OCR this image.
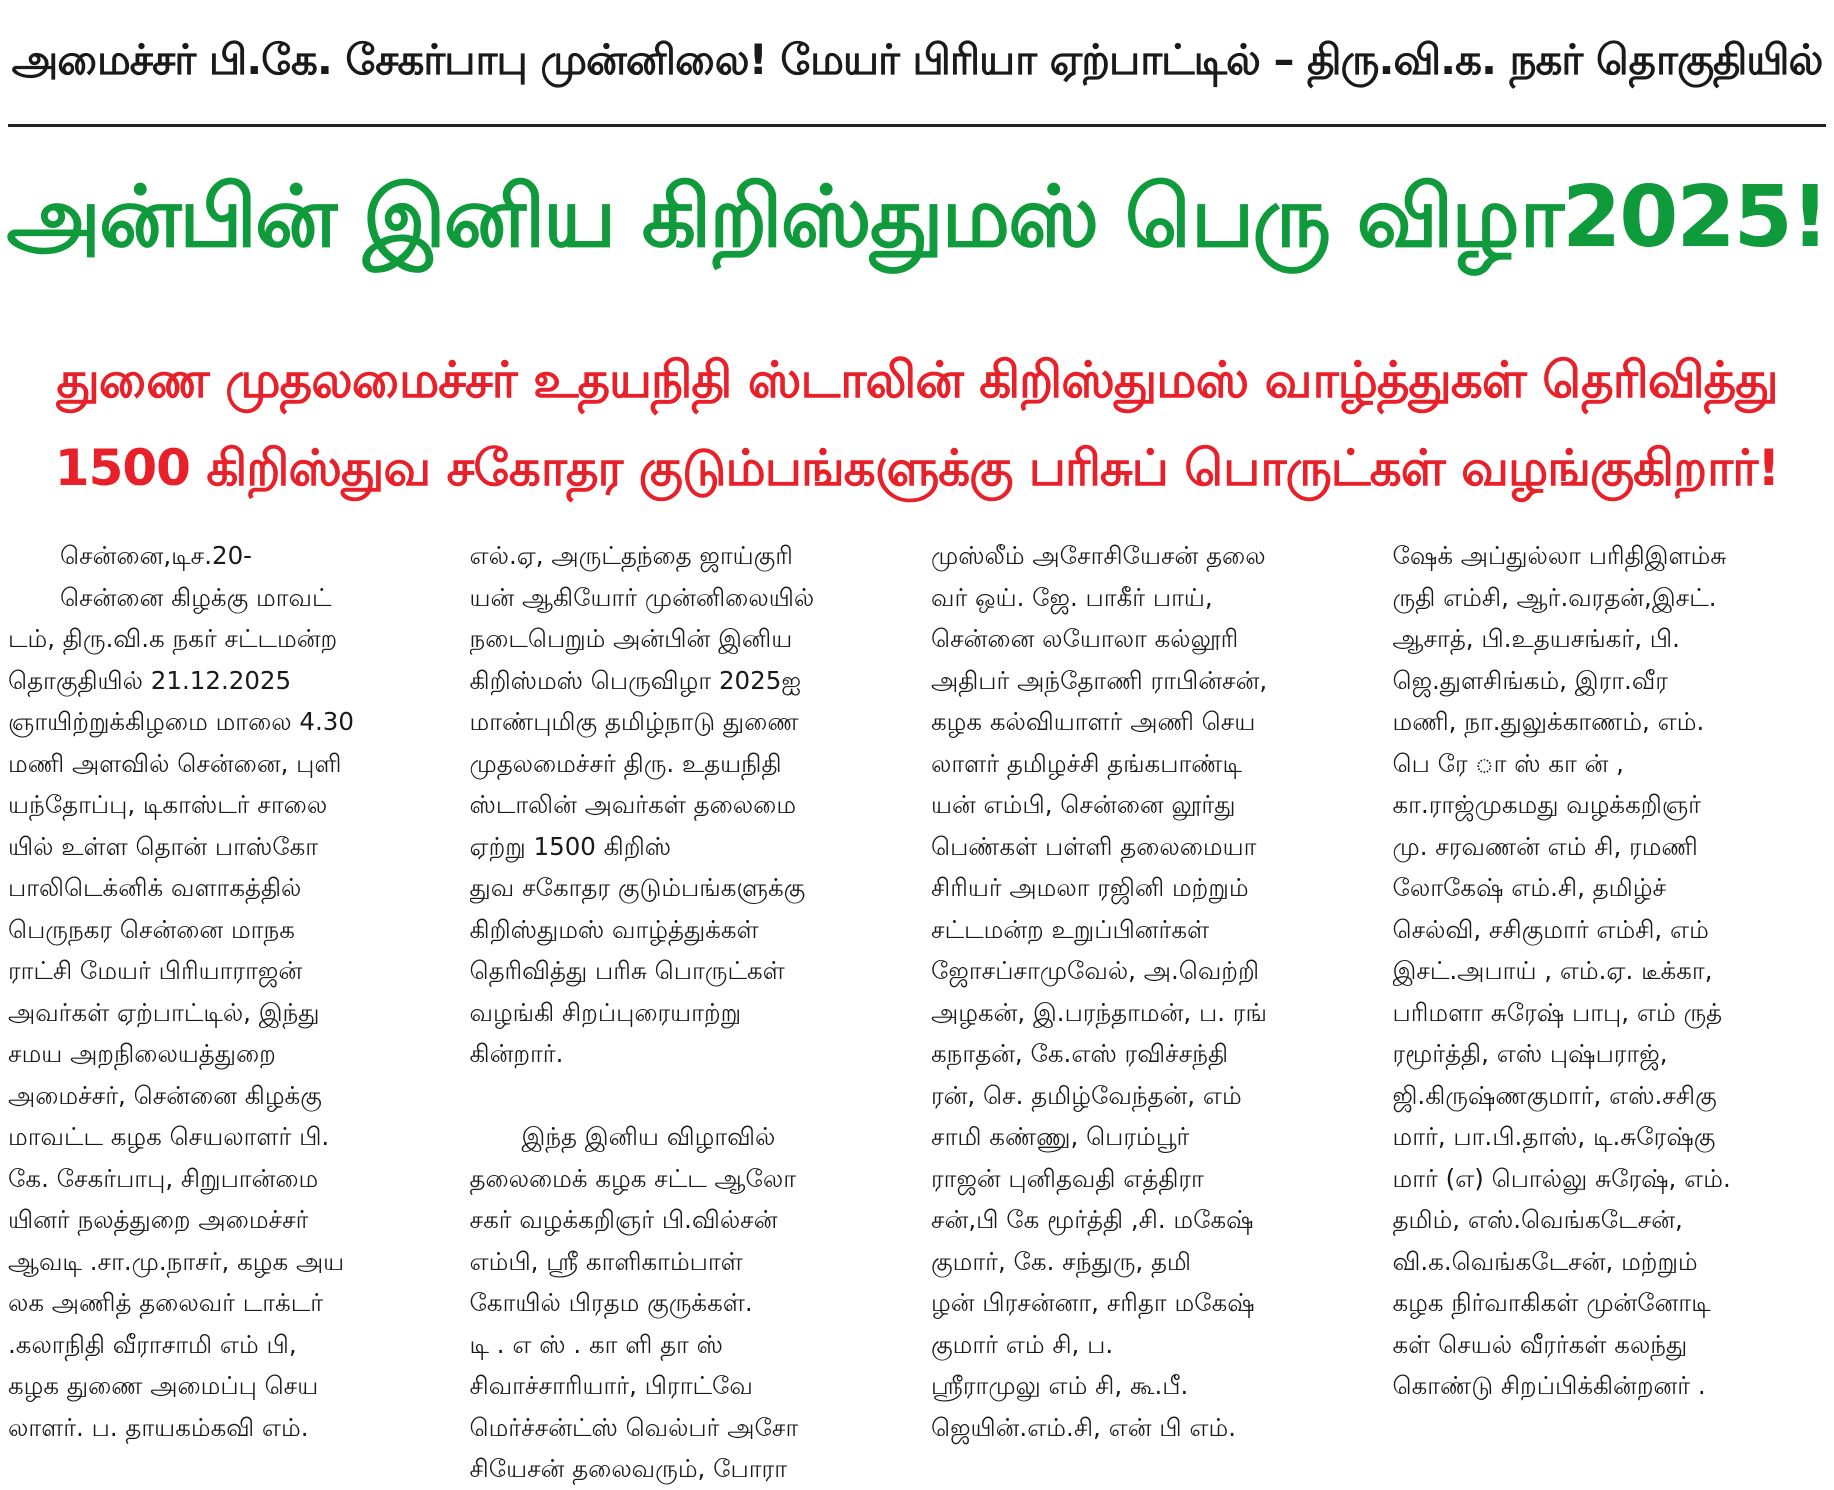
அமைச்சர் பி.கே. சேகர்பாபு முன்னிலை! மேயர் பிரியா ஏற்பாட்டில் – திரு.வி.க. நகர் தொகுதியில்
அன்பின் இனிய கிறிஸ்துமஸ் பெரு விழா2025!
துணை முதலமைச்சர் உதயநிதி ஸ்டாலின் கிறிஸ்துமஸ் வாழ்த்துகள் தெரிவித்து
1500 கிறிஸ்துவ சகோதர குடும்பங்களுக்கு பரிசுப் பொருட்கள் வழங்குகிறார்!
சென்னை,டிச.20-
சென்னை கிழக்கு மாவட்
டம், திரு.வி.க நகர் சட்டமன்ற
தொகுதியில் 21.12.2025
ஞாயிற்றுக்கிழமை மாலை 4.30
மணி அளவில் சென்னை, புளி
யந்தோப்பு, டிகாஸ்டர் சாலை
யில் உள்ள தொன் பாஸ்கோ
பாலிடெக்னிக் வளாகத்தில்
பெருநகர சென்னை மாநக
ராட்சி மேயர் பிரியாராஜன்
அவர்கள் ஏற்பாட்டில், இந்து
சமய அறநிலையத்துறை
அமைச்சர், சென்னை கிழக்கு
மாவட்ட கழக செயலாளர் பி.
கே. சேகர்பாபு, சிறுபான்மை
யினர் நலத்துறை அமைச்சர்
ஆவடி .சா.மு.நாசர், கழக அய
லக அணித் தலைவர் டாக்டர்
.கலாநிதி வீராசாமி எம் பி,
கழக துணை அமைப்பு செய
லாளர். ப. தாயகம்கவி எம்.
எல்.ஏ, அருட்தந்தை ஜாய்குரி
யன் ஆகியோர் முன்னிலையில்
நடைபெறும் அன்பின் இனிய
கிறிஸ்மஸ் பெருவிழா 2025ஐ
மாண்புமிகு தமிழ்நாடு துணை
முதலமைச்சர் திரு. உதயநிதி
ஸ்டாலின் அவர்கள் தலைமை
ஏற்று 1500 கிறிஸ்
துவ சகோதர குடும்பங்களுக்கு
கிறிஸ்துமஸ் வாழ்த்துக்கள்
தெரிவித்து பரிசு பொருட்கள்
வழங்கி சிறப்புரையாற்று
கின்றார்.
இந்த இனிய விழாவில்
தலைமைக் கழக சட்ட ஆலோ
சகர் வழக்கறிஞர் பி.வில்சன்
எம்பி, ஸ்ரீ காளிகாம்பாள்
கோயில் பிரதம குருக்கள்.
டி . எ ஸ் . கா ளி தா ஸ்
சிவாச்சாரியார், பிராட்வே
மெர்ச்சன்ட்ஸ் வெல்பர் அசோ
சியேசன் தலைவரும், போரா
முஸ்லீம் அசோசியேசன் தலை
வர் ஒய். ஜே. பாகீர் பாய்,
சென்னை லயோலா கல்லூரி
அதிபர் அந்தோணி ராபின்சன்,
கழக கல்வியாளர் அணி செய
லாளர் தமிழச்சி தங்கபாண்டி
யன் எம்பி, சென்னை லூர்து
பெண்கள் பள்ளி தலைமையா
சிரியர் அமலா ரஜினி மற்றும்
சட்டமன்ற உறுப்பினர்கள்
ஜோசப்சாமுவேல், அ.வெற்றி
அழகன், இ.பரந்தாமன், ப. ரங்
கநாதன், கே.எஸ் ரவிச்சந்தி
ரன், செ. தமிழ்வேந்தன், எம்
சாமி கண்ணு, பெரம்பூர்
ராஜன் புனிதவதி எத்திரா
சன்,பி கே மூர்த்தி ,சி. மகேஷ்
குமார், கே. சந்துரு, தமி
ழன் பிரசன்னா, சரிதா மகேஷ்
குமார் எம் சி, ப.
ஸ்ரீராமுலு எம் சி, கூ.பீ.
ஜெயின்.எம்.சி, என் பி எம்.
ஷேக் அப்துல்லா பரிதிஇளம்சு
ருதி எம்சி, ஆர்.வரதன்,இசட்.
ஆசாத், பி.உதயசங்கர், பி.
ஜெ.துளசிங்கம், இரா.வீர
மணி, நா.துலுக்காணம், எம்.
பெ ரே ா ஸ் கா ன் ,
கா.ராஜ்முகமது வழக்கறிஞர்
மு. சரவணன் எம் சி, ரமணி
லோகேஷ் எம்.சி, தமிழ்ச்
செல்வி, சசிகுமார் எம்சி, எம்
இசட்.அபாய் , எம்.ஏ. டீக்கா,
பரிமளா சுரேஷ் பாபு, எம் ருத்
ரமூர்த்தி, எஸ் புஷ்பராஜ்,
ஜி.கிருஷ்ணகுமார், எஸ்.சசிகு
மார், பா.பி.தாஸ், டி.சுரேஷ்கு
மார் (எ) பொல்லு சுரேஷ், எம்.
தமிம், எஸ்.வெங்கடேசன்,
வி.க.வெங்கடேசன், மற்றும்
கழக நிர்வாகிகள் முன்னோடி
கள் செயல் வீரர்கள் கலந்து
கொண்டு சிறப்பிக்கின்றனர் .
